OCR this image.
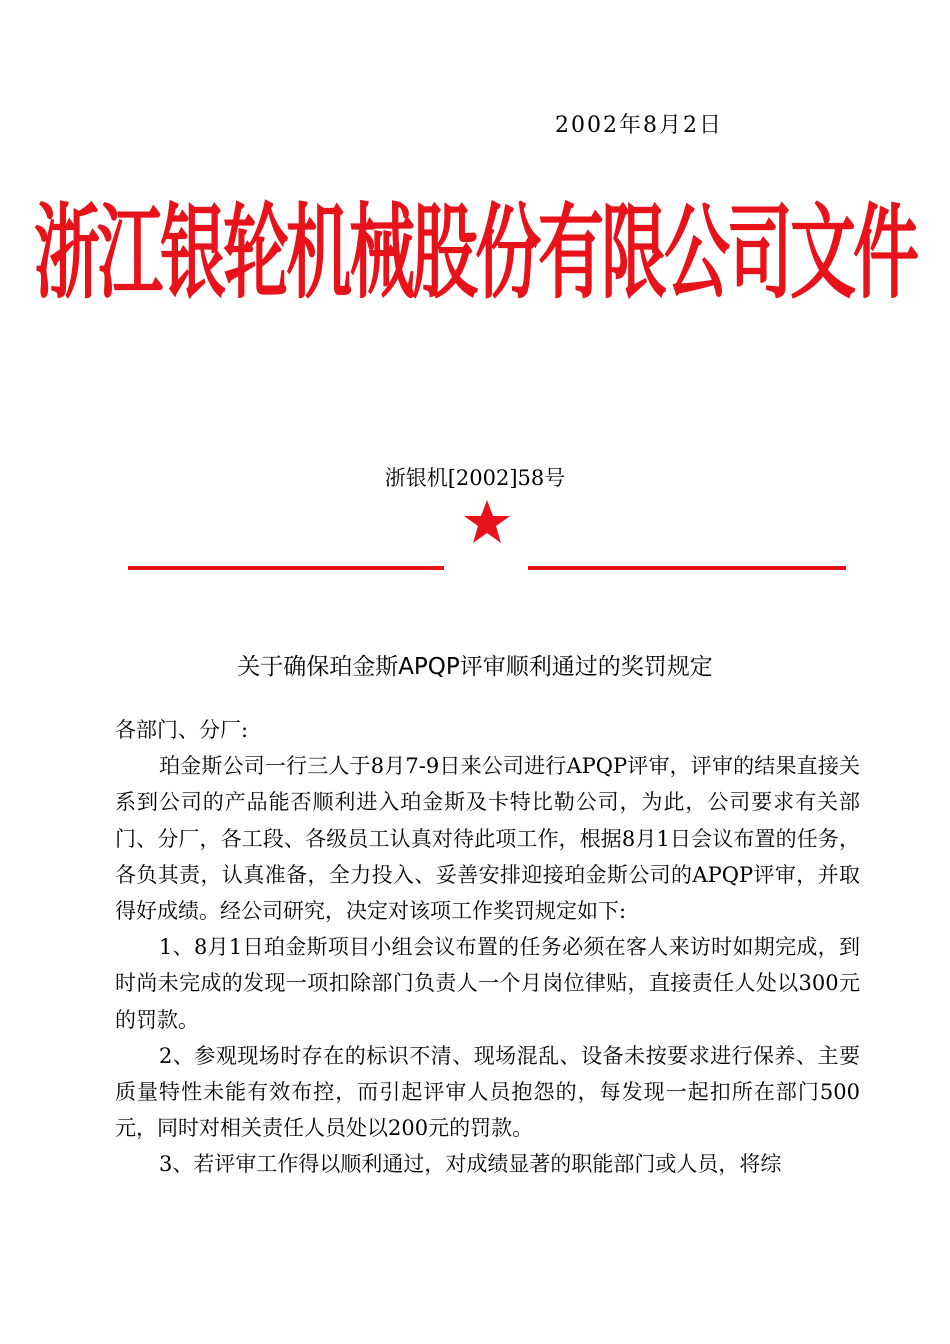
2002年8月2日
浙江银轮机械股份有限公司文件
浙银机[2002]58号
关于确保珀金斯APQP评审顺利通过的奖罚规定

各部门、分厂:

珀金斯公司一行三人于8月7-9日来公司进行APQP评审，评审的结果直接关系到公司的产品能否顺利进入珀金斯及卡特比勒公司，为此，公司要求有关部门、分厂，各工段、各级员工认真对待此项工作，根据8月1日会议布置的任务，各负其责，认真准备，全力投入、妥善安排迎接珀金斯公司的APQP评审，并取得好成绩。经公司研究，决定对该项工作奖罚规定如下:

1、8月1日珀金斯项目小组会议布置的任务必须在客人来访时如期完成，到时尚未完成的发现一项扣除部门负责人一个月岗位律贴，直接责任人处以300元的罚款。

2、参观现场时存在的标识不清、现场混乱、设备未按要求进行保养、主要质量特性未能有效布控，而引起评审人员抱怨的，每发现一起扣所在部门500元，同时对相关责任人员处以200元的罚款。

3、若评审工作得以顺利通过，对成绩显著的职能部门或人员，将综
